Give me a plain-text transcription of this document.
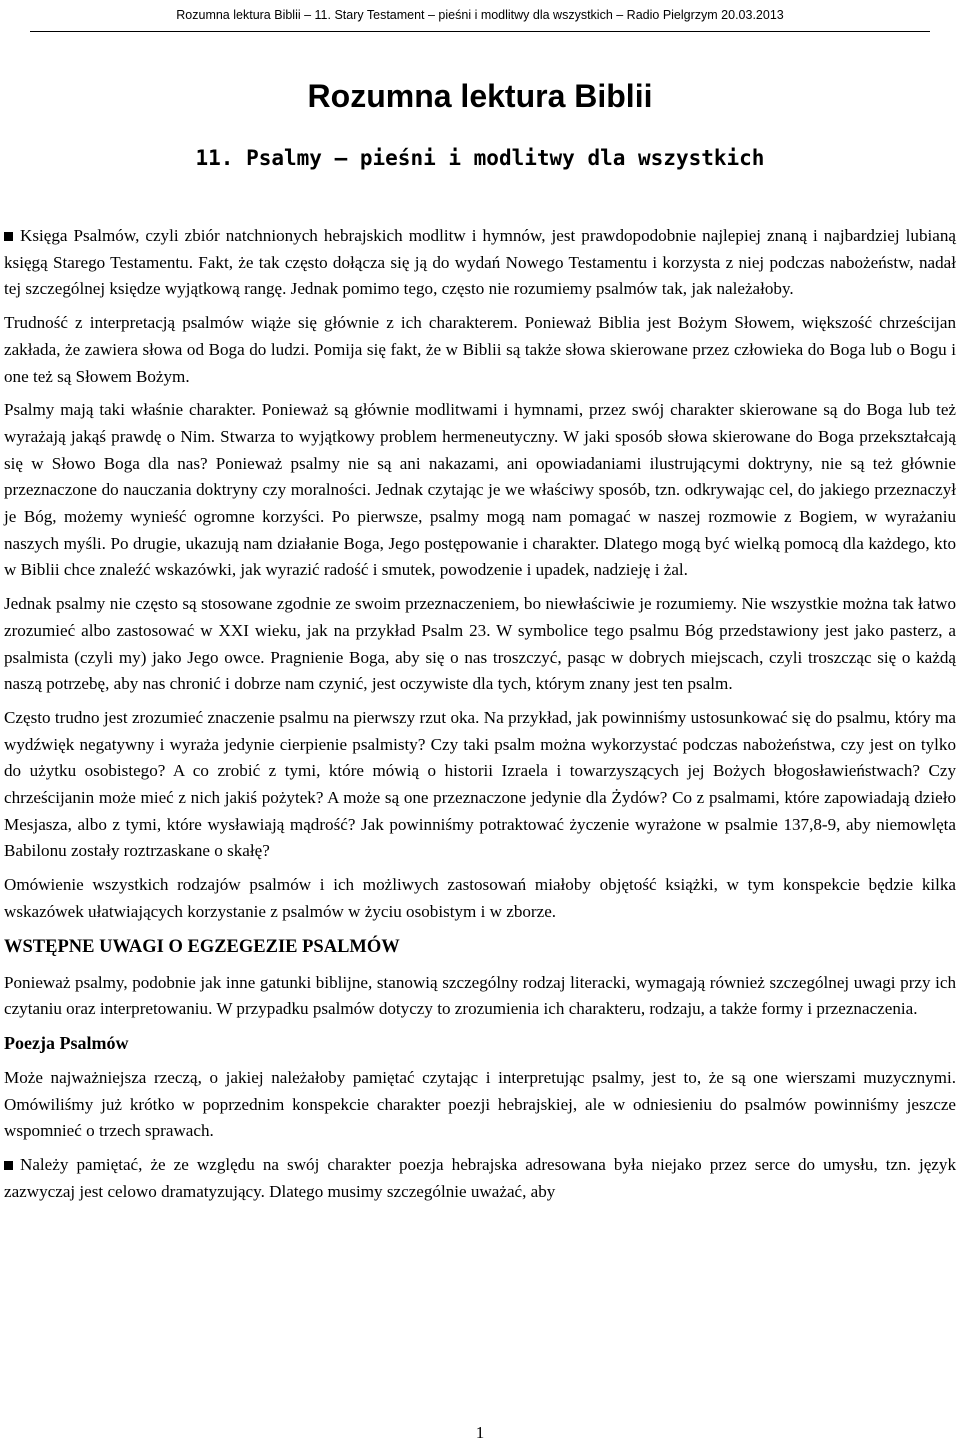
Rozumna lektura Biblii – 11. Stary Testament – pieśni i modlitwy dla wszystkich – Radio Pielgrzym 20.03.2013
Rozumna lektura Biblii
11. Psalmy – pieśni i modlitwy dla wszystkich

Księga Psalmów, czyli zbiór natchnionych hebrajskich modlitw i hymnów, jest prawdopodobnie najlepiej znaną i najbardziej lubianą księgą Starego Testamentu. Fakt, że tak często dołącza się ją do wydań Nowego Testamentu i korzysta z niej podczas nabożeństw, nadał tej szczególnej księdze wyjątkową rangę. Jednak pomimo tego, często nie rozumiemy psalmów tak, jak należałoby.

Trudność z interpretacją psalmów wiąże się głównie z ich charakterem. Ponieważ Biblia jest Bożym Słowem, większość chrześcijan zakłada, że zawiera słowa od Boga do ludzi. Pomija się fakt, że w Biblii są także słowa skierowane przez człowieka do Boga lub o Bogu i one też są Słowem Bożym.

Psalmy mają taki właśnie charakter. Ponieważ są głównie modlitwami i hymnami, przez swój charakter skierowane są do Boga lub też wyrażają jakąś prawdę o Nim. Stwarza to wyjątkowy problem hermeneutyczny. W jaki sposób słowa skierowane do Boga przekształcają się w Słowo Boga dla nas? Ponieważ psalmy nie są ani nakazami, ani opowiadaniami ilustrującymi doktryny, nie są też głównie przeznaczone do nauczania doktryny czy moralności. Jednak czytając je we właściwy sposób, tzn. odkrywając cel, do jakiego przeznaczył je Bóg, możemy wynieść ogromne korzyści. Po pierwsze, psalmy mogą nam pomagać w naszej rozmowie z Bogiem, w wyrażaniu naszych myśli. Po drugie, ukazują nam działanie Boga, Jego postępowanie i charakter. Dlatego mogą być wielką pomocą dla każdego, kto w Biblii chce znaleźć wskazówki, jak wyrazić radość i smutek, powodzenie i upadek, nadzieję i żal.

Jednak psalmy nie często są stosowane zgodnie ze swoim przeznaczeniem, bo niewłaściwie je rozumiemy. Nie wszystkie można tak łatwo zrozumieć albo zastosować w XXI wieku, jak na przykład Psalm 23. W symbolice tego psalmu Bóg przedstawiony jest jako pasterz, a psalmista (czyli my) jako Jego owce. Pragnienie Boga, aby się o nas troszczyć, pasąc w dobrych miejscach, czyli troszcząc się o każdą naszą potrzebę, aby nas chronić i dobrze nam czynić, jest oczywiste dla tych, którym znany jest ten psalm.

Często trudno jest zrozumieć znaczenie psalmu na pierwszy rzut oka. Na przykład, jak powinniśmy ustosunkować się do psalmu, który ma wydźwięk negatywny i wyraża jedynie cierpienie psalmisty? Czy taki psalm można wykorzystać podczas nabożeństwa, czy jest on tylko do użytku osobistego? A co zrobić z tymi, które mówią o historii Izraela i towarzyszących jej Bożych błogosławieństwach? Czy chrześcijanin może mieć z nich jakiś pożytek? A może są one przeznaczone jedynie dla Żydów? Co z psalmami, które zapowiadają dzieło Mesjasza, albo z tymi, które wysławiają mądrość? Jak powinniśmy potraktować życzenie wyrażone w psalmie 137,8-9, aby niemowlęta Babilonu zostały roztrzaskane o skałę?

Omówienie wszystkich rodzajów psalmów i ich możliwych zastosowań miałoby objętość książki, w tym konspekcie będzie kilka wskazówek ułatwiających korzystanie z psalmów w życiu osobistym i w zborze.

WSTĘPNE UWAGI O EGZEGEZIE PSALMÓW

Ponieważ psalmy, podobnie jak inne gatunki biblijne, stanowią szczególny rodzaj literacki, wymagają również szczególnej uwagi przy ich czytaniu oraz interpretowaniu. W przypadku psalmów dotyczy to zrozumienia ich charakteru, rodzaju, a także formy i przeznaczenia.

Poezja Psalmów

Może najważniejsza rzeczą, o jakiej należałoby pamiętać czytając i interpretując psalmy, jest to, że są one wierszami muzycznymi. Omówiliśmy już krótko w poprzednim konspekcie charakter poezji hebrajskiej, ale w odniesieniu do psalmów powinniśmy jeszcze wspomnieć o trzech sprawach.

Należy pamiętać, że ze względu na swój charakter poezja hebrajska adresowana była niejako przez serce do umysłu, tzn. język zazwyczaj jest celowo dramatyzujący. Dlatego musimy szczególnie uważać, aby

1
